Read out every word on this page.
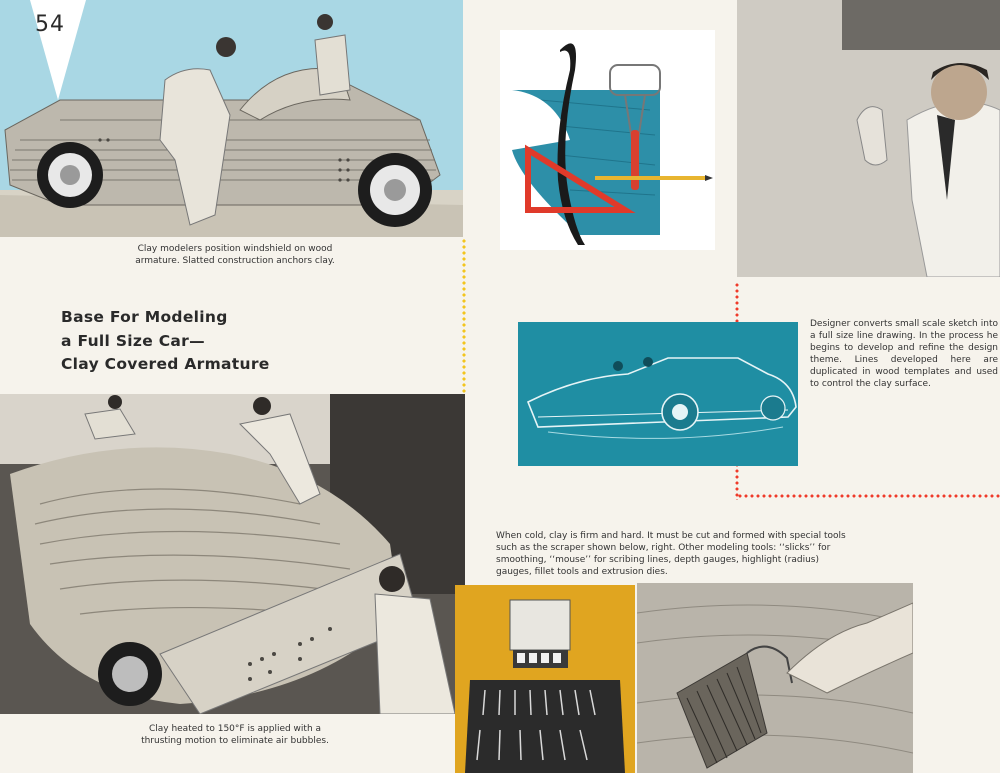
54
Clay modelers position windshield on wood armature. Slatted construction anchors clay.
Base For Modeling
a Full Size Car—
Clay Covered Armature
Clay heated to 150°F is applied with a thrusting motion to eliminate air bubbles.
Designer converts small scale sketch into a full size line drawing. In the process he begins to develop and refine the design theme. Lines developed here are duplicated in wood templates and used to control the clay surface.
When cold, clay is firm and hard. It must be cut and formed with special tools such as the scraper shown below, right. Other modeling tools: ‘‘slicks’’ for smoothing, ‘‘mouse’’ for scribing lines, depth gauges, highlight (radius) gauges, fillet tools and extrusion dies.
